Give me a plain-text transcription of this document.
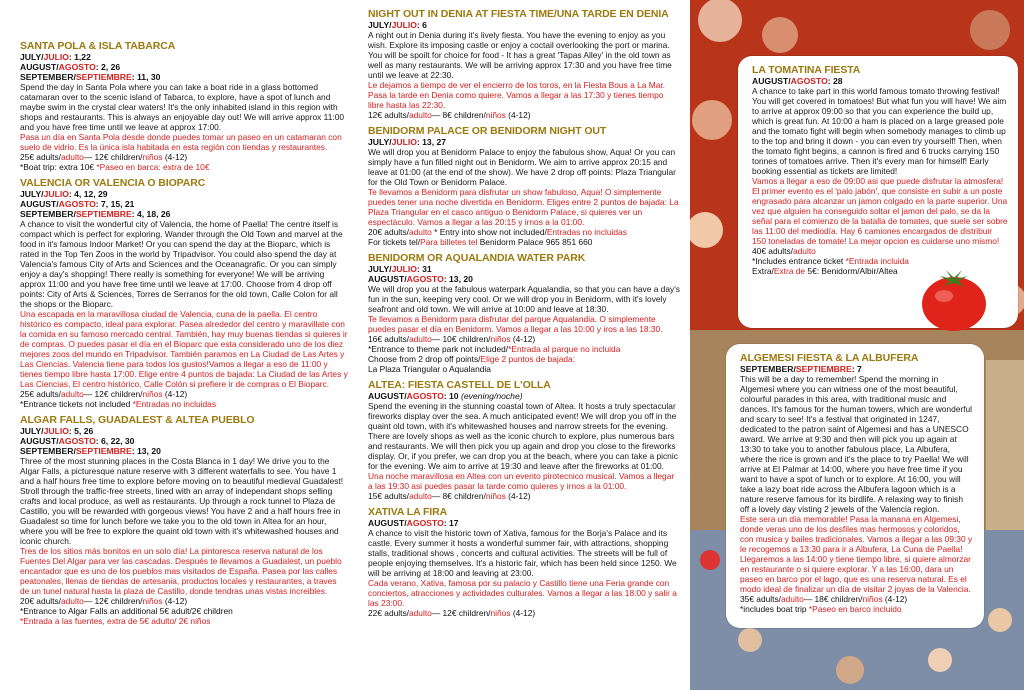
SANTA POLA & ISLA TABARCA
JULY/JULIO: 1,22
AUGUST/AGOSTO: 2, 26
SEPTEMBER/SEPTIEMBRE: 11, 30
Spend the day in Santa Pola where you can take a boat ride in a glass bottomed catamaran over to the scenic island of Tabarca, to explore, have a spot of lunch and maybe swim in the crystal clear waters! It's the only inhabited island in this region with shops and restaurants. This is always an enjoyable day out! We will arrive approx 11:00 and you have free time until we leave at approx 17:00.
Pasa un día en Santa Pola desde donde puedes tomar un paseo en un catamaran con suelo de vidrio. Es la única isla habitada en esta región con tiendas y restaurantes.
25€ adults/adulto— 12€ children/niños (4-12)
*Boat trip: extra 10€ *Paseo en barca: extra de 10€
VALENCIA OR VALENCIA O BIOPARC
JULY/JULIO: 4, 12, 29
AUGUST/AGOSTO: 7, 15, 21
SEPTEMBER/SEPTIEMBRE: 4, 18, 26
A chance to visit the wonderful city of Valencia, the home of Paella! The centre itself is compact which is perfect for exploring. Wander through the Old Town and marvel at the food in it's famous Indoor Market! Or you can spend the day at the Bioparc, which is rated in the Top Ten Zoos in the world by Tripadvisor. You could also spend the day at Valencia's famous City of Arts and Sciences and the Oceanagrafic. Or you can simply enjoy a day's shopping! There really is something for everyone! We will be arriving approx 11:00 and you have free time until we leave at 17:00. Choose from 4 drop off points: City of Arts & Sciences, Torres de Serranos for the old town, Calle Colon for all the shops or the Bioparc.
Una escapada en la maravillosa ciudad de Valencia, cuna de la paella. El centro histórico es compacto, ideal para explorar. Pasea alrededor del centro y maravillate con la comida en su famoso mercado central. También, hay muy buenas tiendas si quieres ir de compras. O puedes pasar el día en el Bioparc que esta considerado uno de los diez mejores zoos del mundo en Tripadvisor. También paramos en La Ciudad de Las Artes y Las Ciencias. Valencia tiene para todos los gustos!Vamos a llegar a eso de 11:00 y tienes tiempo libre hasta 17:00. Elige entre 4 puntos de bajada: La Ciudad de las Artes y Las Ciencias, El centro histórico, Calle Colón si prefiere ir de compras o El Bioparc.
25€ adults/adulto— 12€ children/niños (4-12)
*Entrance tickets not included *Entradas no incluidas
ALGAR FALLS, GUADALEST & ALTEA PUEBLO
JULY/JULIO: 5, 26
AUGUST/AGOSTO: 6, 22, 30
SEPTEMBER/SEPTIEMBRE: 13, 20
Three of the most stunning places in the Costa Blanca in 1 day! We drive you to the Algar Falls, a picturesque nature reserve with 3 different waterfalls to see. You have 1 and a half hours free time to explore before moving on to beautiful medieval Guadalest! Stroll through the traffic-free streets, lined with an array of independant shops selling crafts and local produce, as well as restaurants. Up through a rock tunnel to Plaza de Castillo, you will be rewarded with gorgeous views! You have 2 and a half hours free in Guadalest so time for lunch before we take you to the old town in Altea for an hour, where you will be free to explore the quaint old town with it's whitewashed houses and iconic church.
Tres de los sitios más bonitos en un solo día! La pintoresca reserva natural de los Fuentes Del Algar para ver las cascadas. Después te llevamos a Guadalest, un pueblo encantador que es uno de los pueblos mas visitados de España. Pasea por las calles peatonales, llenas de tiendas de artesania, productos locales y restaurantes, a traves de un tunel natural hasta la plaza de Castillo, donde tendras unas vistas increibles.
20€ adults/adulto— 12€ children/niños (4-12)
*Entrance to Algar Falls an additional 5€ adult/2€ children
*Entrada a las fuentes, extra de 5€ adulto/ 2€ niños
NIGHT OUT IN DENIA AT FIESTA TIME/UNA TARDE EN DENIA
JULY/JULIO: 6
A night out in Denia during it's lively fiesta. You have the evening to enjoy as you wish. Explore its imposing castle or enjoy a coctail overlooking the port or marina. You will be spoilt for choice for food - It has a great 'Tapas Alley' in the old town as well as many restaurants. We will be arriving approx 17:30 and you have free time until we leave at 22:30.
Le dejamos a tiempo de ver el encierro de los toros, en la Fiesta Bous a La Mar. Pasa la tarde en Denia como quiere. Vamos a llegar a las 17:30 y tienes tiempo libre hasta las 22:30.
12€ adults/adulto— 8€ children/niños (4-12)
BENIDORM PALACE OR BENIDORM NIGHT OUT
JULY/JULIO: 13, 27
We will drop you at Benidorm Palace to enjoy the fabulous show, Aqua! Or you can simply have a fun filled night out in Benidorm. We aim to arrive approx 20:15 and leave at 01:00 (at the end of the show). We have 2 drop off points: Plaza Triangular for the Old Town or Benidorm Palace.
Te llevamos a Benidorm para disfrutar un show fabuloso, Aqua! O simplemente puedes tener una noche divertida en Benidorm. Eliges entre 2 puntos de bajada: La Plaza Triangular en el casco antiguo o Benidorm Palace, si quieres ver un espectáculo. Vamos a llegar a las 20:15 y irnos a la 01:00.
20€ adults/adulto * Entry into show not included/Entradas no incluidas
For tickets tel/Para billetes tel Benidorm Palace 965 851 660
BENIDORM OR AQUALANDIA WATER PARK
JULY/JULIO: 31
AUGUST/AGOSTO: 13, 20
We will drop you at the fabulous waterpark Aqualandia, so that you can have a day's fun in the sun, keeping very cool. Or we will drop you in Benidorm, with it's lovely seafront and old town. We will arrive at 10:00 and leave at 18:30.
Te llevamos a Benidorm para disfrutar del parque Aqualandia. O simplemente puedes pasar el día en Benidorm. Vamos a llegar a las 10:00 y iros a las 18:30.
16€ adults/adulto— 10€ children/niños (4-12)
*Entrance to theme park not included/*Entrada al parque no incluida
Choose from 2 drop off points/Elige 2 puntos de bajada:
La Plaza Triangular o Aqualandia
ALTEA: FIESTA CASTELL DE L'OLLA
AUGUST/AGOSTO: 10 (evening/noche)
Spend the evening in the stunning coastal town of Altea. It hosts a truly spectacular fireworks display over the sea. A much anticipated event! We will drop you off in the quaint old town, with it's whitewashed houses and narrow streets for the evening. There are lovely shops as well as the iconic church to explore, plus numerous bars and restaurants. We will then pick you up again and drop you close to the fireworks display. Or, if you prefer, we can drop you at the beach, where you can take a picnic for the evening. We aim to arrive at 19:30 and leave after the fireworks at 01:00.
Una noche maravillosa en Altea con un evento pirotecnico musical. Vamos a llegar a las 19:30 asi puedes pasar la tarde como quieres y irnos a la 01:00.
15€ adults/adulto— 8€ children/niños (4-12)
XATIVA LA FIRA
AUGUST/AGOSTO: 17
A chance to visit the historic town of Xativa, famous for the Borja's Palace and its castle. Every summer it hosts a wonderful summer fair, with attractions, shopping stalls, traditional shows , concerts and cultural activities. The streets will be full of people enjoying themselves. It's a historic fair, which has been held since 1250. We will be arriving at 18:00 and leaving at 23:00.
Cada verano, Xativa, famosa por su palacio y Castillo tiene una Feria grande con conciertos, atracciones y actividades culturales. Vamos a llegar a las 18:00 y salir a las 23:00.
22€ adults/adulto— 12€ children/niños (4-12)
LA TOMATINA FIESTA
AUGUST/AGOSTO: 28
A chance to take part in this world famous tomato throwing festival! You will get covered in tomatoes! But what fun you will have! We aim to arrive at approx 09:00 so that you can experience the build up, which is great fun. At 10:00 a ham is placed on a large greased pole and the tomato fight will begin when somebody manages to climb up to the top and bring it down - you can even try yourself! Then, when the tomato fight begins, a cannon is fired and 6 trucks carrying 150 tonnes of tomatoes arrive. Then it's every man for himself! Early booking essential as tickets are limited!
Vamos a llegar a eso de 09:00 asi que puede disfrutar la atmosfera! El primer evento es el 'palo jabón', que consiste en subir a un poste engrasado para alcanzar un jamon colgado en la parte superior. Una vez que alguien ha conseguido soltar el jamon del palo, se da la señal para el comienzo de la batalla de tomates, que suele ser sobre las 11:00 del mediodía. Hay 6 camiones encargados de distribuir 150 toneladas de tomate! La mejor opcion es cuidarse uno mismo!
40€ adults/adulto
*Includes entrance ticket *Entrada incluida
Extra/Extra de 5€: Benidorm/Albir/Altea
ALGEMESI FIESTA & LA ALBUFERA
SEPTEMBER/SEPTIEMBRE: 7
This will be a day to remember! Spend the morning in Algemesi where you can witness one of the most beautiful, colourful parades in this area, with traditional music and dances. It's famous for the human towers, which are wonderful and scary to see! It's a festival that originated in 1247, dedicated to the patron saint of Algemesi and has a UNESCO award. We arrive at 9:30 and then will pick you up again at 13:30 to take you to another fabulous place, La Albufera, where the rice is grown and it's the place to try Paella! We will arrive at El Palmar at 14:00, where you have free time if you want to have a spot of lunch or to explore. At 16:00, you will take a lazy boat ride across the Albufera lagoon which is a nature reserve famous for its birdlife. A relaxing way to finish off a lovely day visting 2 jewels of the Valencia region.
Este sera un día memorable! Pasa la manana en Algemesi, donde veras uno de los desfiles mas hermosos y coloridos, con musica y bailes tradicionales. Vamos a llegar a las 09:30 y le recogemos a 13:30 para ir a Albufera, La Cuna de Paella! Llegaremos a las 14:00 y tiene tiempo libre, si quiere almorzar en restaurante o si quiere explorar. Y a las 16:00, dara un paseo en barco por el lago, que es una reserva natural. Es el modo ideal de finalizar un día de visitar 2 joyas de la Valencia.
35€ adults/adulto— 18€ children/niños (4-12)
*includes boat trip *Paseo en barco incluido
